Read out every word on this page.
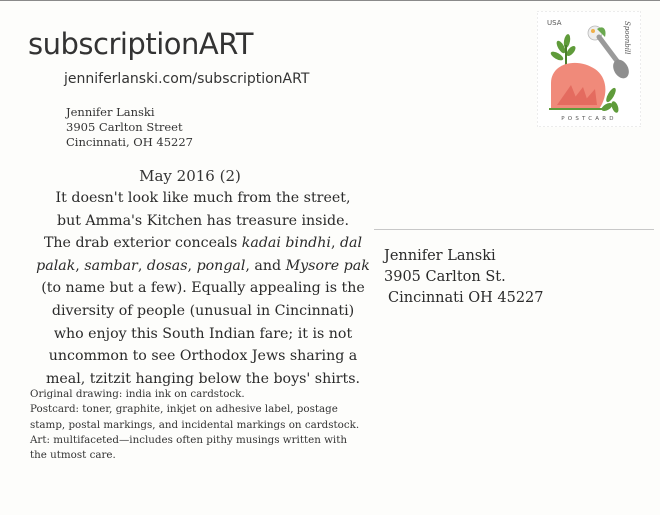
subscriptionART
jenniferlanski.com/subscriptionART
Jennifer Lanski
3905 Carlton Street
Cincinnati, OH 45227
May 2016 (2)
It doesn't look like much from the street,
but Amma's Kitchen has treasure inside.
The drab exterior conceals kadai bindhi, dal
palak, sambar, dosas, pongal, and Mysore pak
(to name but a few). Equally appealing is the
diversity of people (unusual in Cincinnati)
who enjoy this South Indian fare; it is not
uncommon to see Orthodox Jews sharing a
meal, tzitzit hanging below the boys' shirts.
Original drawing: india ink on cardstock.
Postcard: toner, graphite, inkjet on adhesive label, postage
stamp, postal markings, and incidental markings on cardstock.
Art: multifaceted—includes often pithy musings written with
the utmost care.
Jennifer Lanski
3905 Carlton St.
Cincinnati OH 45227
USA	Spoonbill
POSTCARD
